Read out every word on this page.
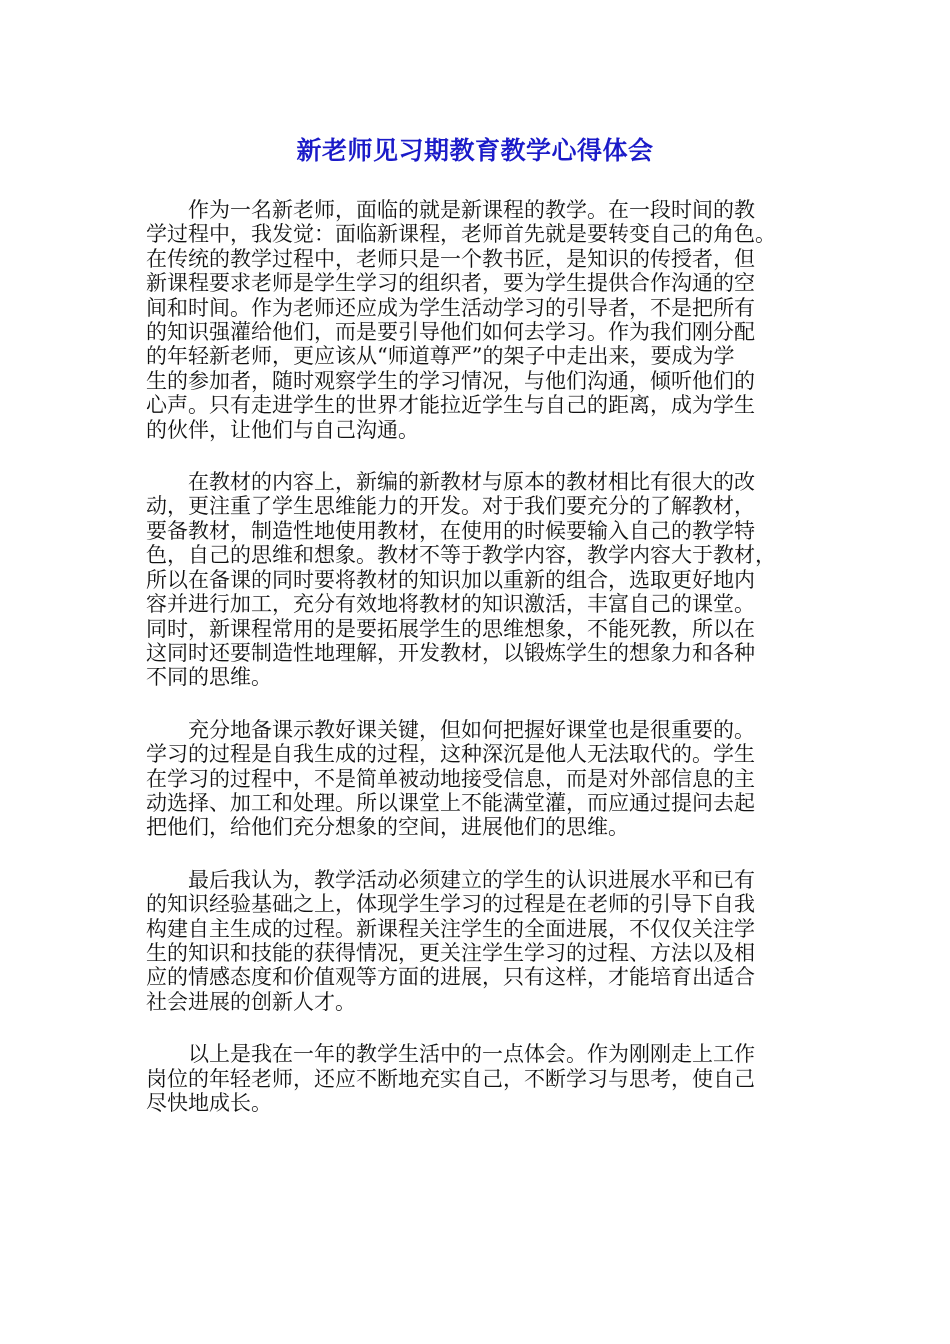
新老师见习期教育教学心得体会

作为一名新老师，面临的就是新课程的教学。在一段时间的教
学过程中，我发觉：面临新课程，老师首先就是要转变自己的角色。
在传统的教学过程中，老师只是一个教书匠，是知识的传授者，但
新课程要求老师是学生学习的组织者，要为学生提供合作沟通的空
间和时间。作为老师还应成为学生活动学习的引导者，不是把所有
的知识强灌给他们，而是要引导他们如何去学习。作为我们刚分配
的年轻新老师，更应该从“师道尊严”的架子中走出来，要成为学
生的参加者，随时观察学生的学习情况，与他们沟通，倾听他们的
心声。只有走进学生的世界才能拉近学生与自己的距离，成为学生
的伙伴，让他们与自己沟通。

在教材的内容上，新编的新教材与原本的教材相比有很大的改
动，更注重了学生思维能力的开发。对于我们要充分的了解教材，
要备教材，制造性地使用教材，在使用的时候要输入自己的教学特
色，自己的思维和想象。教材不等于教学内容，教学内容大于教材，
所以在备课的同时要将教材的知识加以重新的组合，选取更好地内
容并进行加工，充分有效地将教材的知识激活，丰富自己的课堂。
同时，新课程常用的是要拓展学生的思维想象，不能死教，所以在
这同时还要制造性地理解，开发教材，以锻炼学生的想象力和各种
不同的思维。

充分地备课示教好课关键，但如何把握好课堂也是很重要的。
学习的过程是自我生成的过程，这种深沉是他人无法取代的。学生
在学习的过程中，不是简单被动地接受信息，而是对外部信息的主
动选择、加工和处理。所以课堂上不能满堂灌，而应通过提问去起
把他们，给他们充分想象的空间，进展他们的思维。

最后我认为，教学活动必须建立的学生的认识进展水平和已有
的知识经验基础之上，体现学生学习的过程是在老师的引导下自我
构建自主生成的过程。新课程关注学生的全面进展，不仅仅关注学
生的知识和技能的获得情况，更关注学生学习的过程、方法以及相
应的情感态度和价值观等方面的进展，只有这样，才能培育出适合
社会进展的创新人才。

以上是我在一年的教学生活中的一点体会。作为刚刚走上工作
岗位的年轻老师，还应不断地充实自己，不断学习与思考，使自己
尽快地成长。
